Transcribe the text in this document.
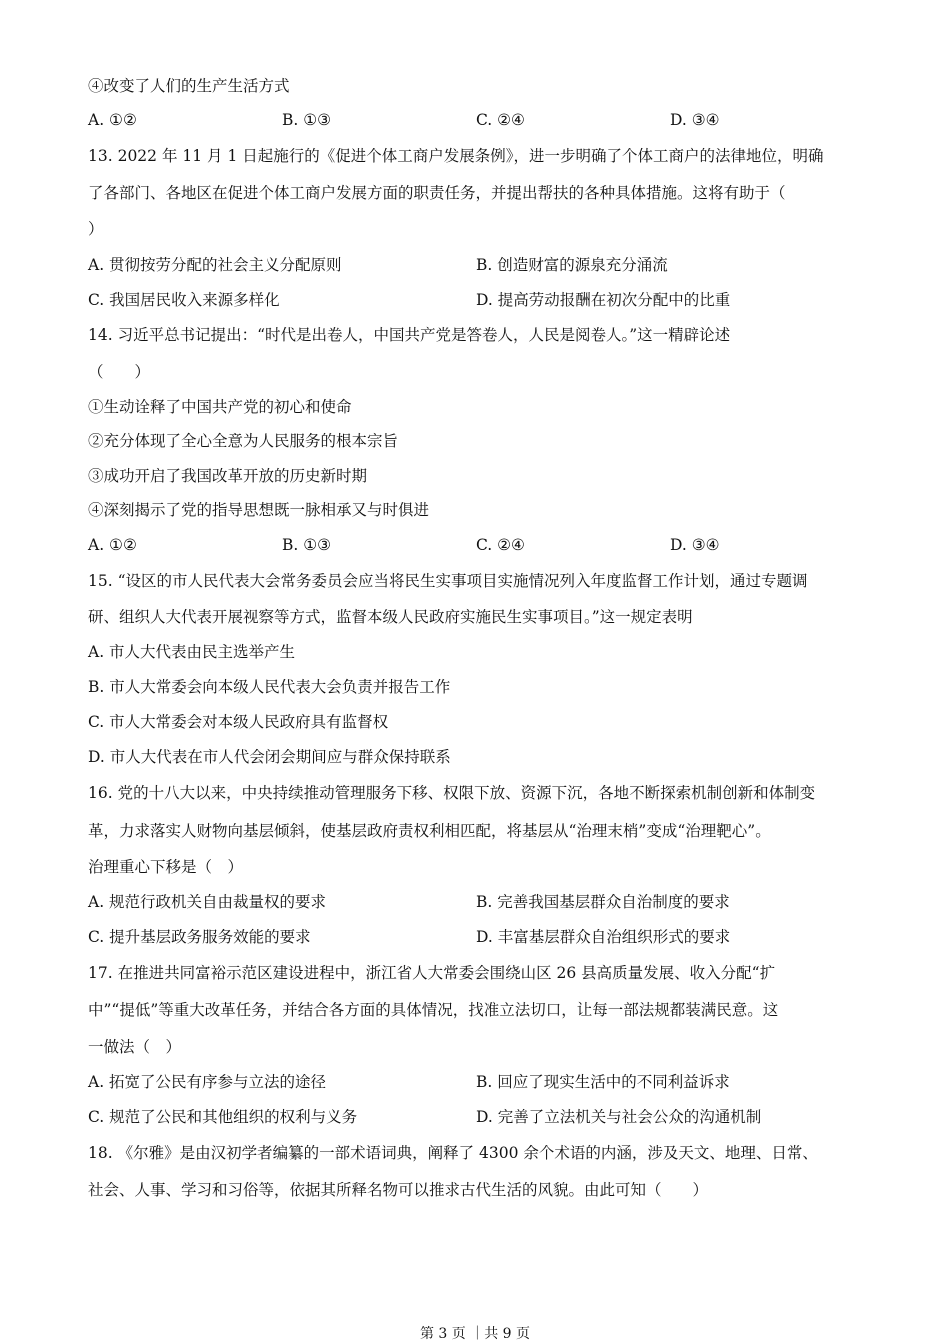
④改变了人们的生产生活方式
A. ①②	B. ①③	C. ②④	D. ③④
13. 2022 年 11 月 1 日起施行的《促进个体工商户发展条例》，进一步明确了个体工商户的法律地位，明确
了各部门、各地区在促进个体工商户发展方面的职责任务，并提出帮扶的各种具体措施。这将有助于（
）
A. 贯彻按劳分配的社会主义分配原则	B. 创造财富的源泉充分涌流
C. 我国居民收入来源多样化	D. 提高劳动报酬在初次分配中的比重
14. 习近平总书记提出：“时代是出卷人，中国共产党是答卷人，人民是阅卷人。”这一精辟论述
（　　）
①生动诠释了中国共产党的初心和使命
②充分体现了全心全意为人民服务的根本宗旨
③成功开启了我国改革开放的历史新时期
④深刻揭示了党的指导思想既一脉相承又与时俱进
A. ①②	B. ①③	C. ②④	D. ③④
15. “设区的市人民代表大会常务委员会应当将民生实事项目实施情况列入年度监督工作计划，通过专题调
研、组织人大代表开展视察等方式，监督本级人民政府实施民生实事项目。”这一规定表明
A. 市人大代表由民主选举产生
B. 市人大常委会向本级人民代表大会负责并报告工作
C. 市人大常委会对本级人民政府具有监督权
D. 市人大代表在市人代会闭会期间应与群众保持联系
16. 党的十八大以来，中央持续推动管理服务下移、权限下放、资源下沉，各地不断探索机制创新和体制变
革，力求落实人财物向基层倾斜，使基层政府责权利相匹配，将基层从“治理末梢”变成“治理靶心”。
治理重心下移是（　）
A. 规范行政机关自由裁量权的要求	B. 完善我国基层群众自治制度的要求
C. 提升基层政务服务效能的要求	D. 丰富基层群众自治组织形式的要求
17. 在推进共同富裕示范区建设进程中，浙江省人大常委会围绕山区 26 县高质量发展、收入分配“扩
中”“提低”等重大改革任务，并结合各方面的具体情况，找准立法切口，让每一部法规都装满民意。这
一做法（　）
A. 拓宽了公民有序参与立法的途径	B. 回应了现实生活中的不同利益诉求
C. 规范了公民和其他组织的权利与义务	D. 完善了立法机关与社会公众的沟通机制
18. 《尔雅》是由汉初学者编纂的一部术语词典，阐释了 4300 余个术语的内涵，涉及天文、地理、日常、
社会、人事、学习和习俗等，依据其所释名物可以推求古代生活的风貌。由此可知（　　）
第 3 页 ｜共 9 页
